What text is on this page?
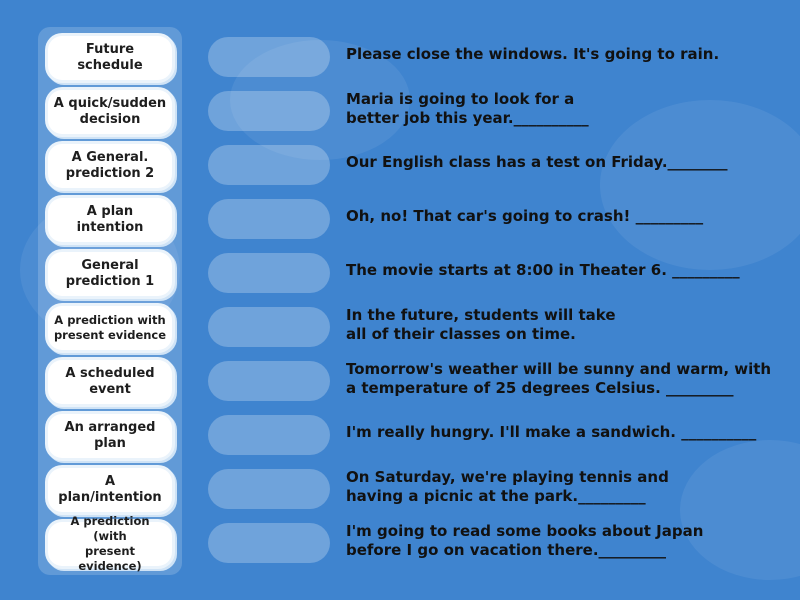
Future
schedule
A quick/sudden
decision
A General.
prediction 2
A plan
intention
General
prediction 1
A prediction with
present evidence
A scheduled
event
An arranged
plan
A
plan/intention
A prediction (with
present evidence)
Please close the windows. It's going to rain.
Maria is going to look for a
better job this year.__________
Our English class has a test on Friday.________
Oh, no! That car's going to crash! _________
The movie starts at 8:00 in Theater 6. _________
In the future, students will take
all of their classes on time.
Tomorrow's weather will be sunny and warm, with
a temperature of 25 degrees Celsius. _________
I'm really hungry. I'll make a sandwich. __________
On Saturday, we're playing tennis and
having a picnic at the park._________
I'm going to read some books about Japan
before I go on vacation there._________
